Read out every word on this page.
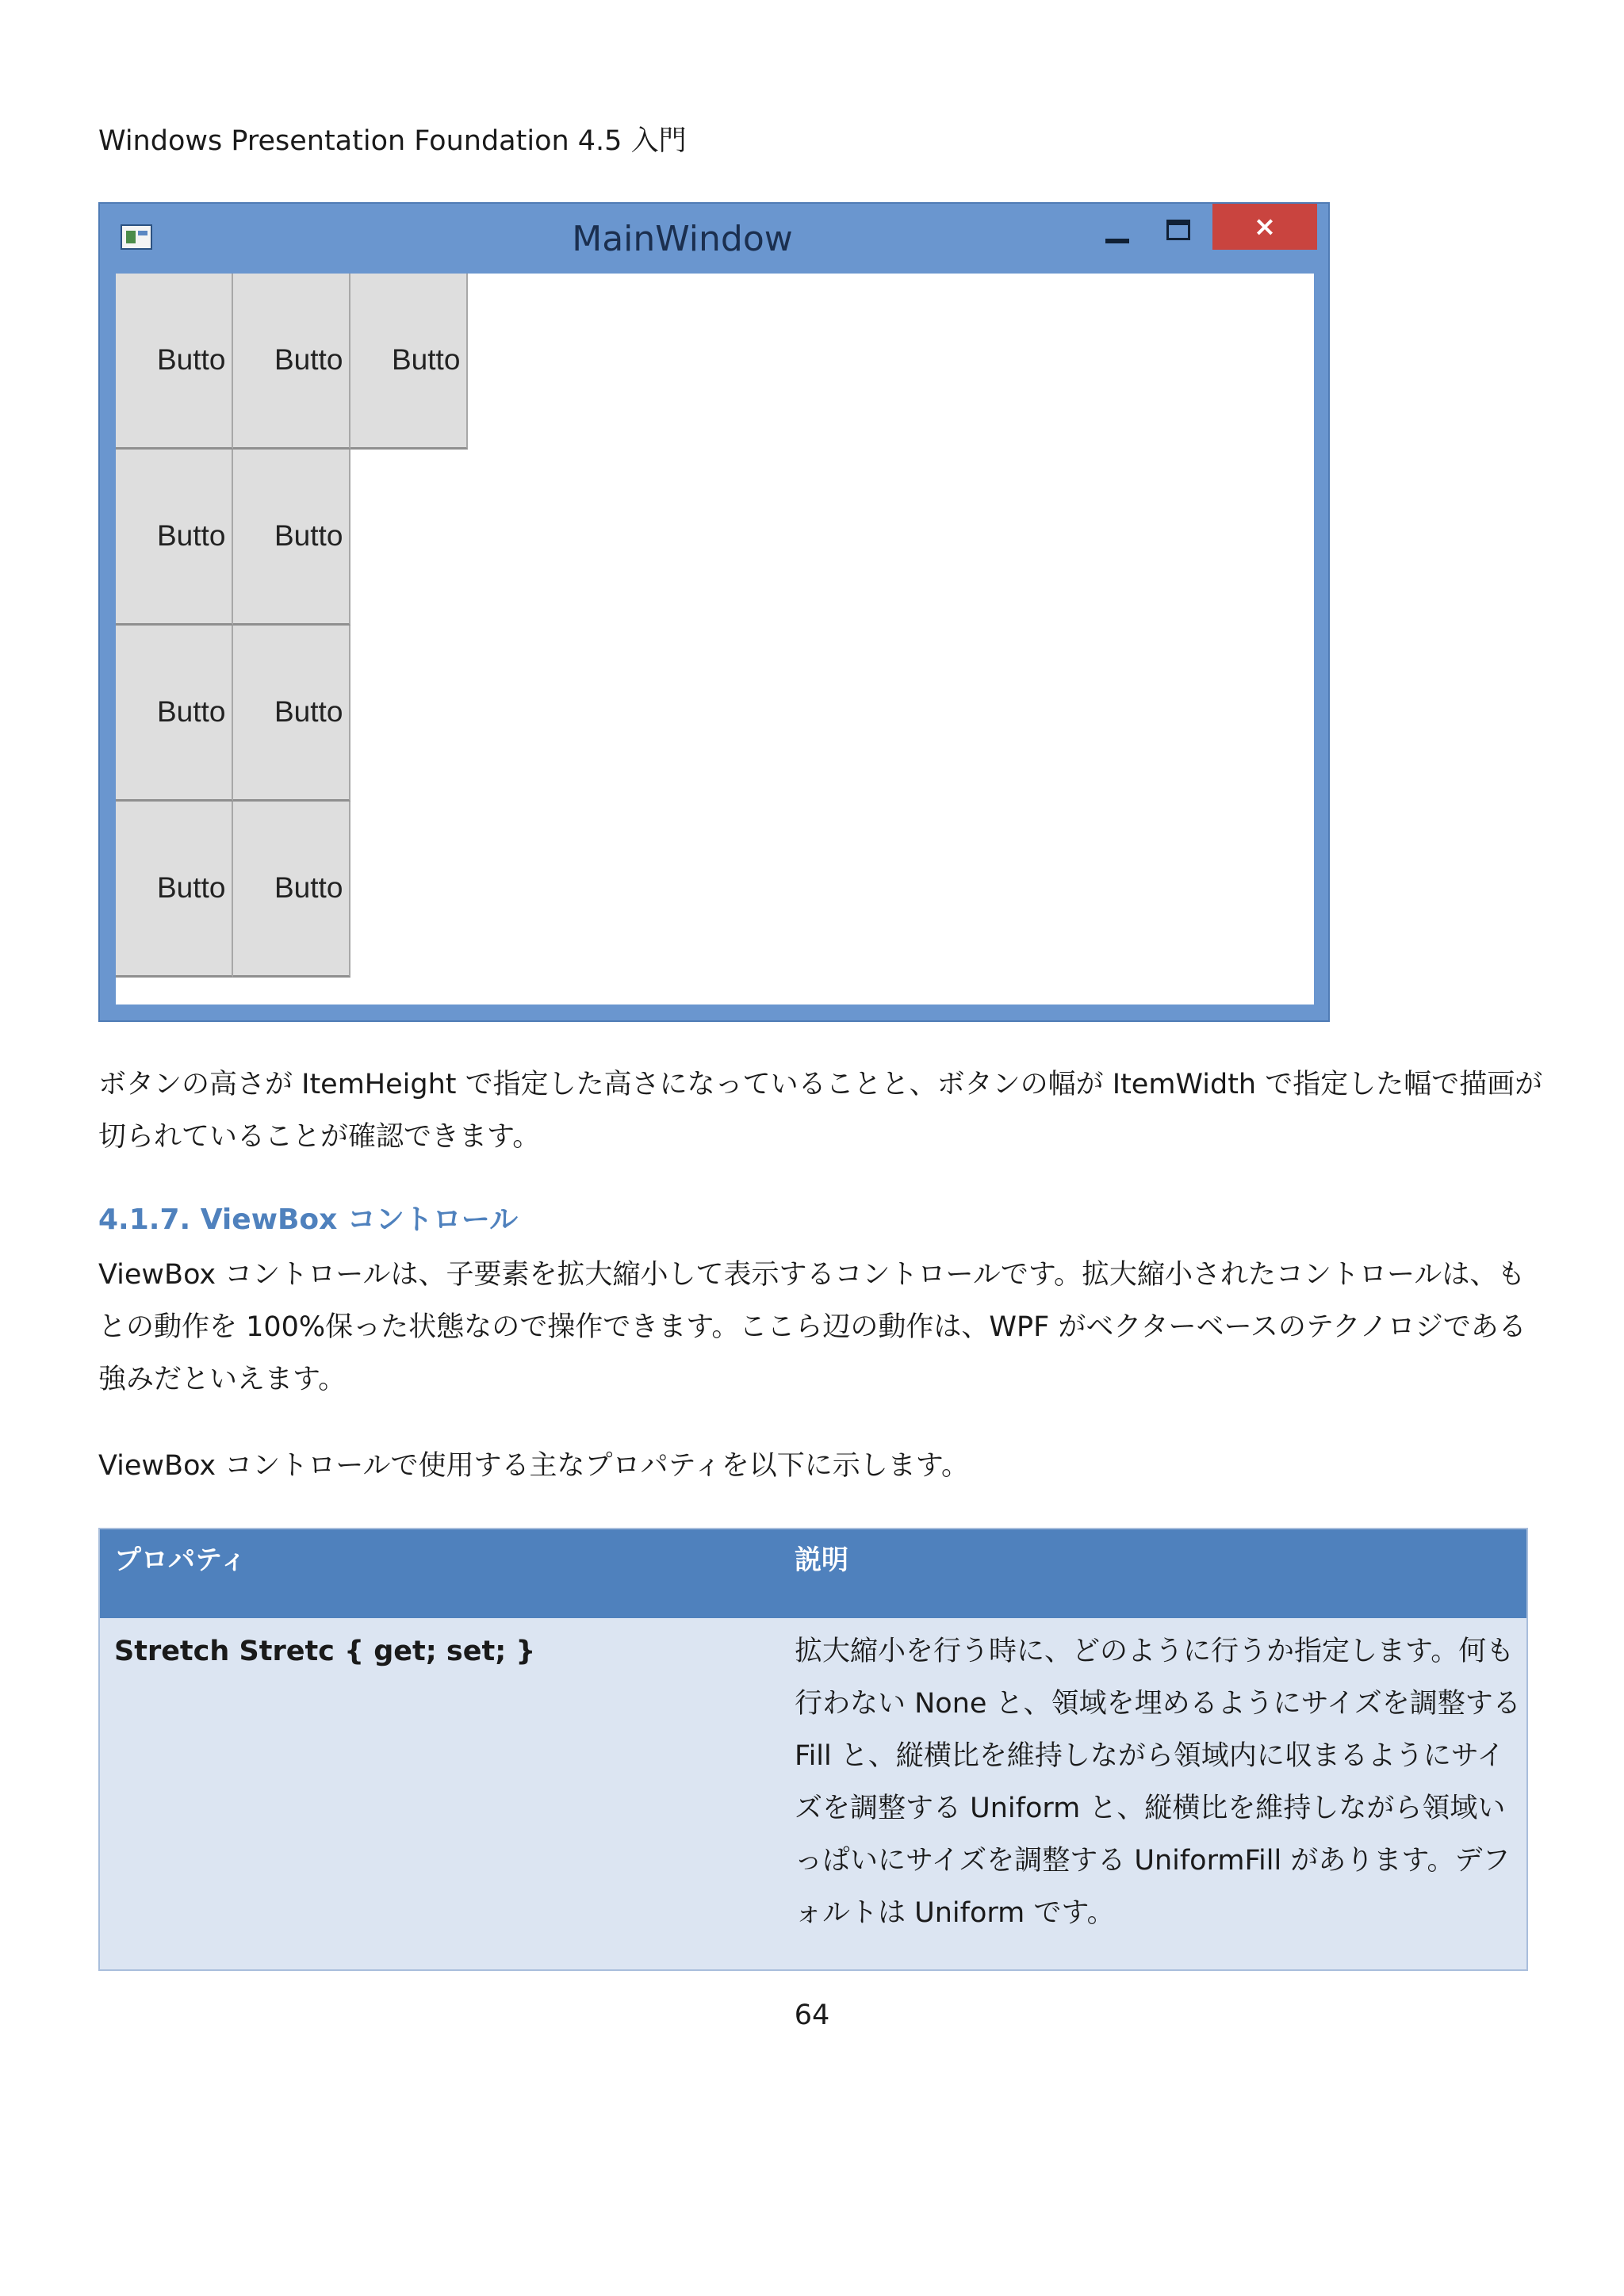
Windows Presentation Foundation 4.5 入門
MainWindow	×
Butto Butto Butto
Butto Butto
Butto Butto
Butto Butto
ボタンの高さが ItemHeight で指定した高さになっていることと、ボタンの幅が ItemWidth で指定した幅で描画が
切られていることが確認できます。
4.1.7. ViewBox コントロール
ViewBox コントロールは、子要素を拡大縮小して表示するコントロールです。拡大縮小されたコントロールは、も
との動作を 100%保った状態なので操作できます。ここら辺の動作は、WPF がベクターベースのテクノロジである
強みだといえます。
ViewBox コントロールで使用する主なプロパティを以下に示します。
プロパティ	説明
Stretch Stretc { get; set; }	拡大縮小を行う時に、どのように行うか指定します。何も
行わない None と、領域を埋めるようにサイズを調整する
Fill と、縦横比を維持しながら領域内に収まるようにサイ
ズを調整する Uniform と、縦横比を維持しながら領域い
っぱいにサイズを調整する UniformFill があります。デフ
ォルトは Uniform です。
64
